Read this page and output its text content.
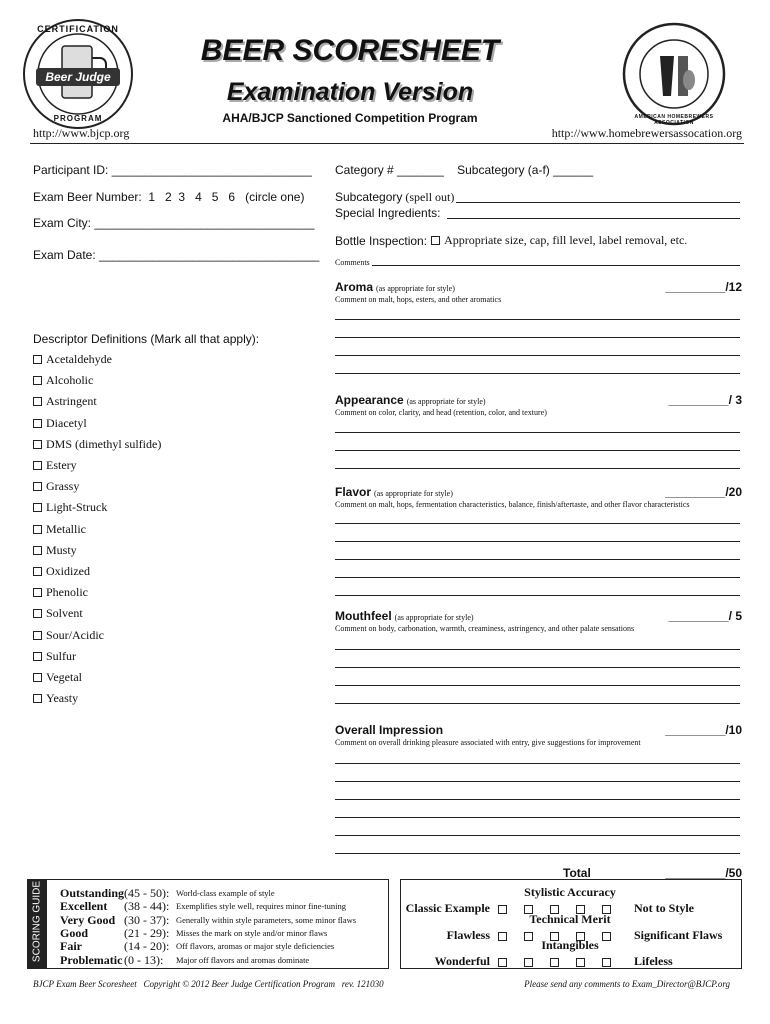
CERTIFICATION
Beer Judge
PROGRAM	AMERICAN HOMEBREWERS ASSOCIATION
BEER SCORESHEET
Examination Version
AHA/BJCP Sanctioned Competition Program
http://www.bjcp.org	http://www.homebrewersassocation.org
Participant ID: ______________________________
Exam Beer Number:  1   2  3   4   5   6   (circle one)
Exam City: _________________________________
Exam Date: _________________________________
Category # _______    Subcategory (a-f) ______
Subcategory (spell out)
Special Ingredients:
Bottle Inspection: Appropriate size, cap, fill level, label removal, etc.
Comments
Descriptor Definitions (Mark all that apply):
Acetaldehyde
Alcoholic
Astringent
Diacetyl
DMS (dimethyl sulfide)
Estery
Grassy
Light-Struck
Metallic
Musty
Oxidized
Phenolic
Solvent
Sour/Acidic
Sulfur
Vegetal
Yeasty
Aroma (as appropriate for style)
Comment on malt, hops, esters, and other aromatics
_________/12
Appearance (as appropriate for style)
Comment on color, clarity, and head (retention, color, and texture)
_________/ 3
Flavor (as appropriate for style)
Comment on malt, hops, fermentation characteristics, balance, finish/aftertaste, and other flavor characteristics
_________/20
Mouthfeel (as appropriate for style)
Comment on body, carbonation, warmth, creaminess, astringency, and other palate sensations
_________/ 5
Overall Impression
Comment on overall drinking pleasure associated with entry, give suggestions for improvement
_________/10
Total	_________/50
SCORING GUIDE Outstanding (45 - 50): World-class example of style
Excellent	(38 - 44): Exemplifies style well, requires minor fine-tuning
Very Good (30 - 37): Generally within style parameters, some minor flaws
Good	(21 - 29): Misses the mark on style and/or minor flaws
Fair	(14 - 20): Off flavors, aromas or major style deficiencies
Problematic (0 - 13):	Major off flavors and aromas dominate
Stylistic Accuracy
Technical Merit
Intangibles
Classic Example	Not to Style
Flawless	Significant Flaws
Wonderful	Lifeless
BJCP Exam Beer Scoresheet   Copyright © 2012 Beer Judge Certification Program   rev. 121030	Please send any comments to Exam_Director@BJCP.org
